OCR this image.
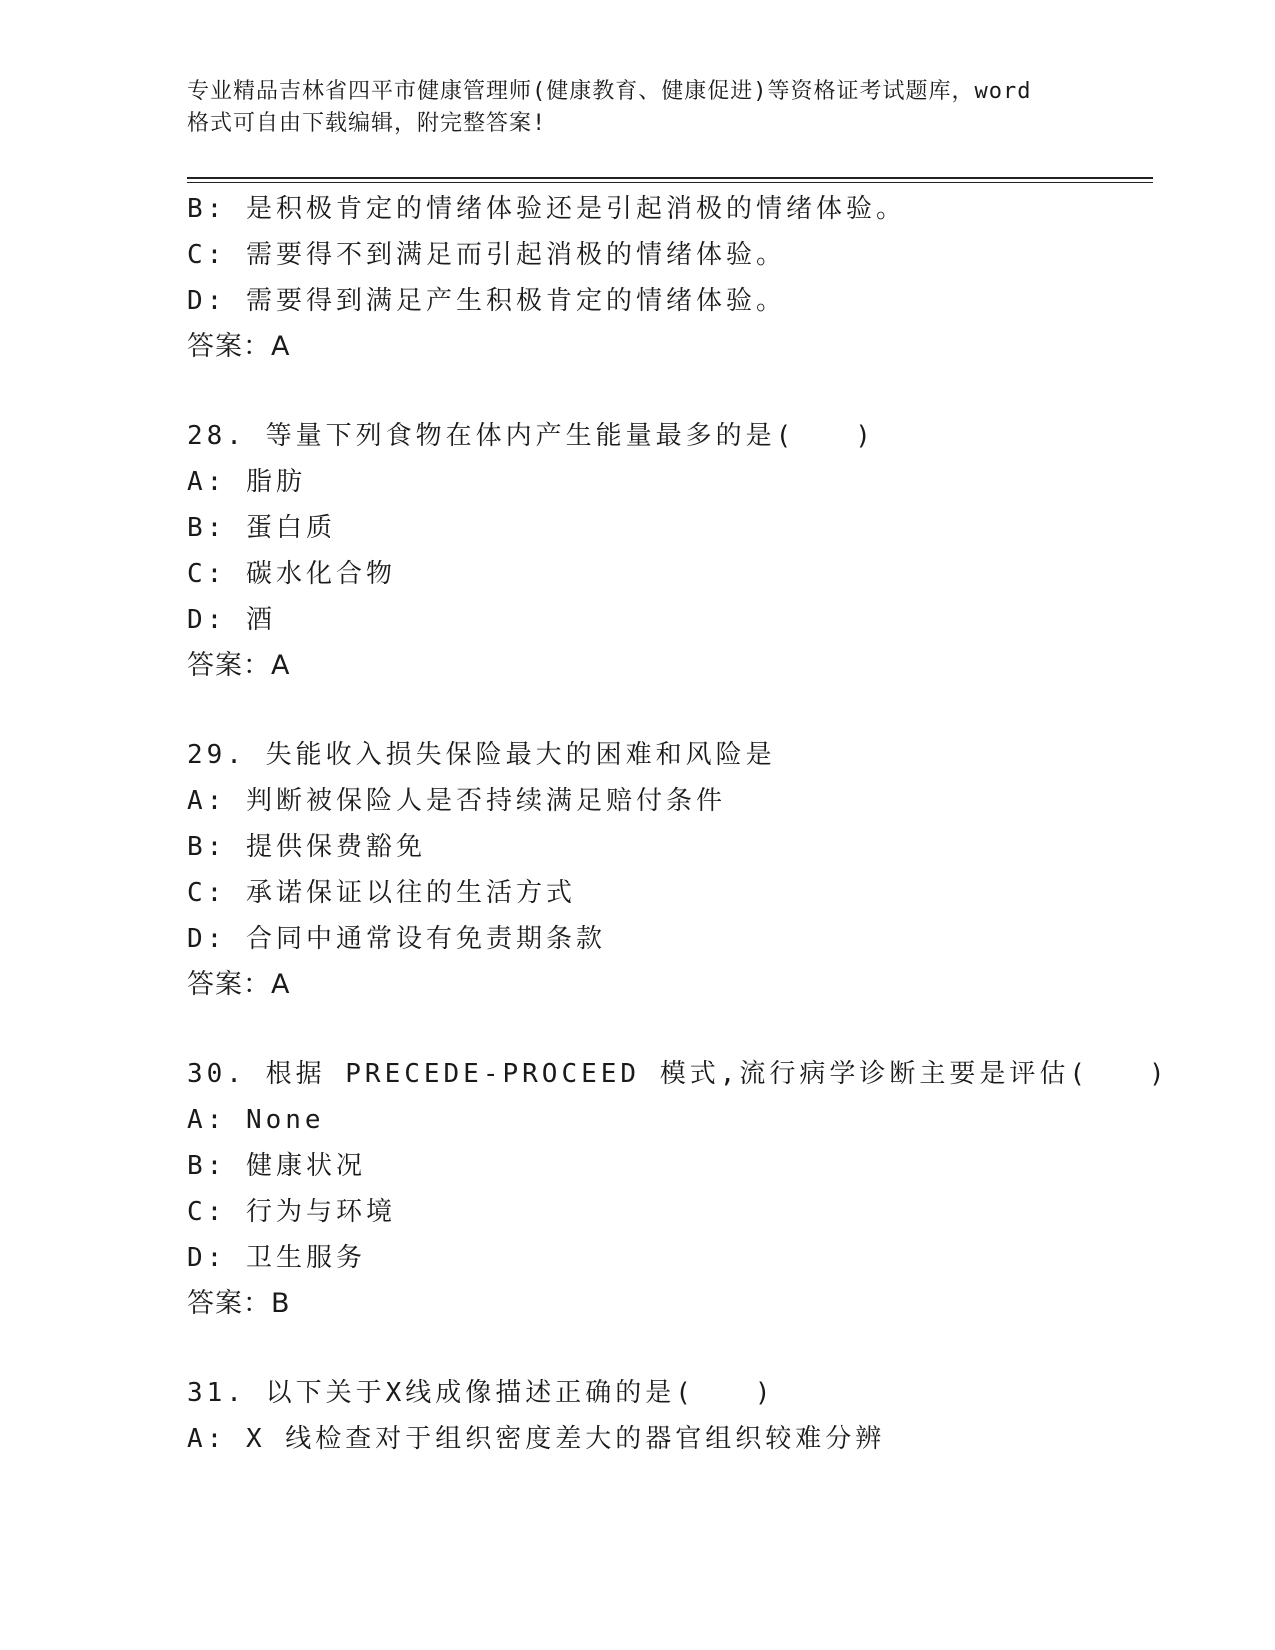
专业精品吉林省四平市健康管理师(健康教育、健康促进)等资格证考试题库，word
格式可自由下载编辑，附完整答案!
B: 是积极肯定的情绪体验还是引起消极的情绪体验。
C: 需要得不到满足而引起消极的情绪体验。
D: 需要得到满足产生积极肯定的情绪体验。
答案：A
28. 等量下列食物在体内产生能量最多的是(　　)
A: 脂肪
B: 蛋白质
C: 碳水化合物
D: 酒
答案：A
29. 失能收入损失保险最大的困难和风险是
A: 判断被保险人是否持续满足赔付条件
B: 提供保费豁免
C: 承诺保证以往的生活方式
D: 合同中通常设有免责期条款
答案：A
30. 根据 PRECEDE-PROCEED 模式,流行病学诊断主要是评估(　　)
A: None
B: 健康状况
C: 行为与环境
D: 卫生服务
答案：B
31. 以下关于X线成像描述正确的是(　　)
A: X 线检查对于组织密度差大的器官组织较难分辨
